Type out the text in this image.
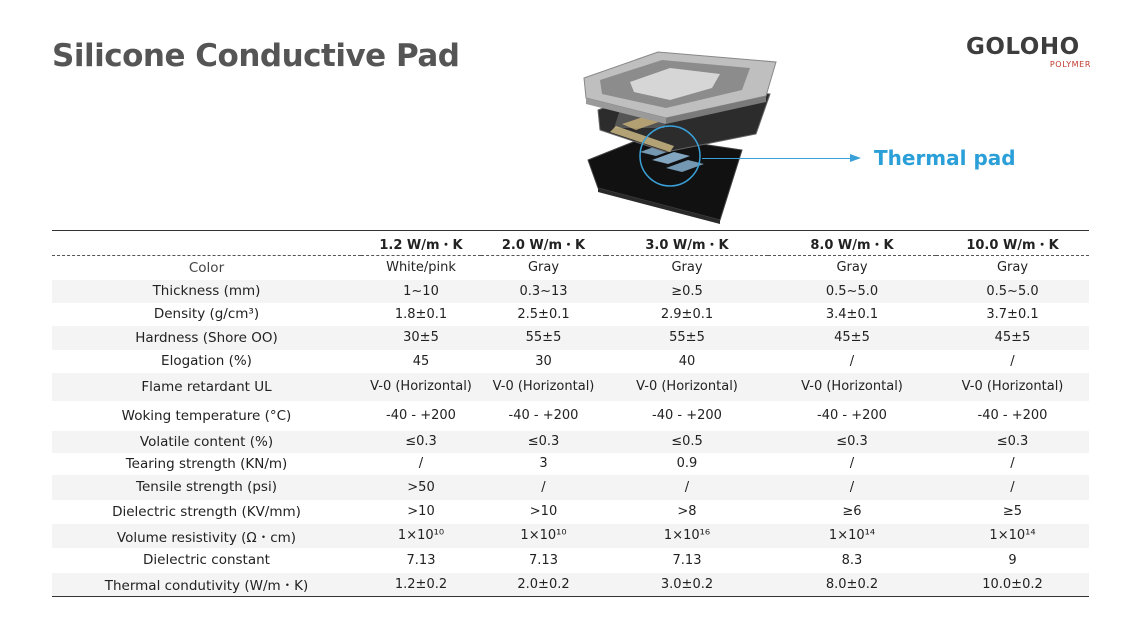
Silicone Conductive Pad	GOLOHO
POLYMER
Thermal pad
	1.2 W/m・K	2.0 W/m・K	3.0 W/m・K	8.0 W/m・K	10.0 W/m・K
Color	White/pink	Gray	Gray	Gray	Gray
Thickness (mm)	1~10	0.3~13	≥0.5	0.5~5.0	0.5~5.0
Density (g/cm³)	1.8±0.1	2.5±0.1	2.9±0.1	3.4±0.1	3.7±0.1
Hardness (Shore OO)	30±5	55±5	55±5	45±5	45±5
Elogation (%)	45	30	40	/	/
Flame retardant UL	V-0 (Horizontal)	V-0 (Horizontal)	V-0 (Horizontal)	V-0 (Horizontal)	V-0 (Horizontal)
Woking temperature (°C)	-40 - +200	-40 - +200	-40 - +200	-40 - +200	-40 - +200
Volatile content (%)	≤0.3	≤0.3	≤0.5	≤0.3	≤0.3
Tearing strength (KN/m)	/	3	0.9	/	/
Tensile strength (psi)	>50	/	/	/	/
Dielectric strength (KV/mm)	>10	>10	>8	≥6	≥5
Volume resistivity (Ω・cm)	1×10¹⁰	1×10¹⁰	1×10¹⁶	1×10¹⁴	1×10¹⁴
Dielectric constant	7.13	7.13	7.13	8.3	9
Thermal condutivity (W/m・K)	1.2±0.2	2.0±0.2	3.0±0.2	8.0±0.2	10.0±0.2
